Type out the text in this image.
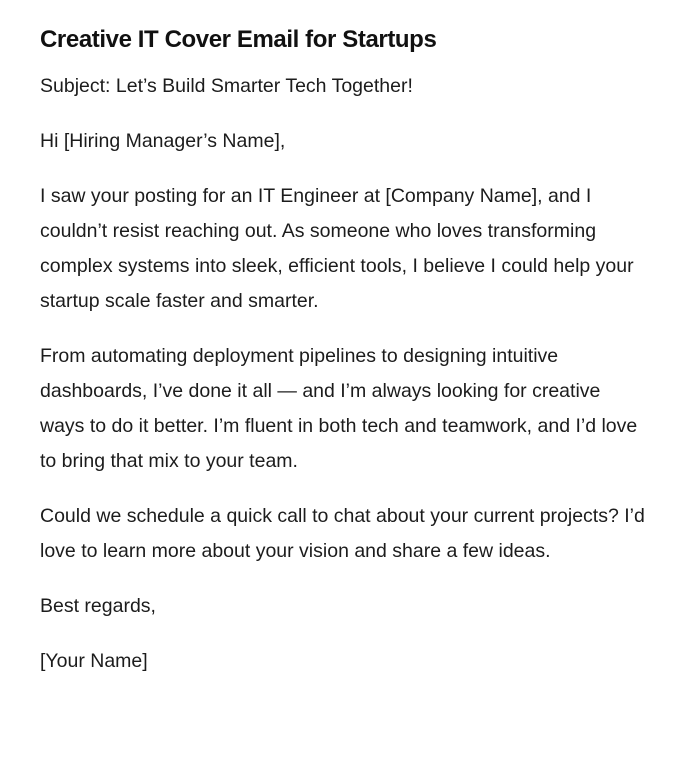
Creative IT Cover Email for Startups

Subject: Let’s Build Smarter Tech Together!

Hi [Hiring Manager’s Name],

I saw your posting for an IT Engineer at [Company Name], and I couldn’t resist reaching out. As someone who loves transforming complex systems into sleek, efficient tools, I believe I could help your startup scale faster and smarter.

From automating deployment pipelines to designing intuitive dashboards, I’ve done it all — and I’m always looking for creative ways to do it better. I’m fluent in both tech and teamwork, and I’d love to bring that mix to your team.

Could we schedule a quick call to chat about your current projects? I’d love to learn more about your vision and share a few ideas.

Best regards,

[Your Name]
